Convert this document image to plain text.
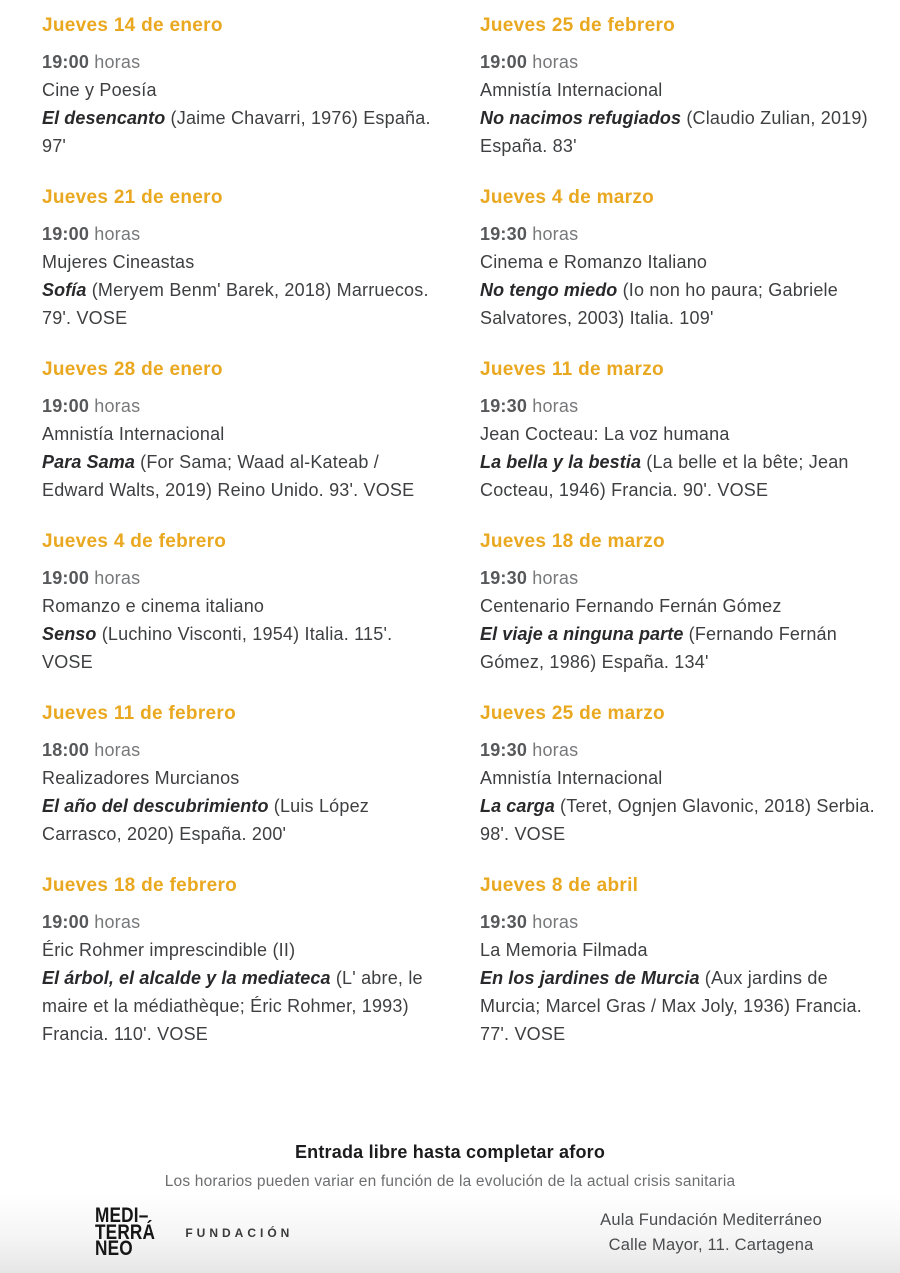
Jueves 14 de enero

19:00 horas

Cine y Poesía

El desencanto (Jaime Chavarri, 1976) España. 97'

Jueves 21 de enero

19:00 horas

Mujeres Cineastas

Sofía (Meryem Benm' Barek, 2018) Marruecos. 79'. VOSE

Jueves 28 de enero

19:00 horas

Amnistía Internacional

Para Sama (For Sama; Waad al-Kateab / Edward Walts, 2019) Reino Unido. 93'. VOSE

Jueves 4 de febrero

19:00 horas

Romanzo e cinema italiano

Senso (Luchino Visconti, 1954) Italia. 115'. VOSE

Jueves 11 de febrero

18:00 horas

Realizadores Murcianos

El año del descubrimiento (Luis López Carrasco, 2020) España. 200'

Jueves 18 de febrero

19:00 horas

Éric Rohmer imprescindible (II)

El árbol, el alcalde y la mediateca (L' abre, le maire et la médiathèque; Éric Rohmer, 1993) Francia. 110'. VOSE

Jueves 25 de febrero

19:00 horas

Amnistía Internacional

No nacimos refugiados (Claudio Zulian, 2019) España. 83'

Jueves 4 de marzo

19:30 horas

Cinema e Romanzo Italiano

No tengo miedo (Io non ho paura; Gabriele Salvatores, 2003) Italia. 109'

Jueves 11 de marzo

19:30 horas

Jean Cocteau: La voz humana

La bella y la bestia (La belle et la bête; Jean Cocteau, 1946) Francia. 90'. VOSE

Jueves 18 de marzo

19:30 horas

Centenario Fernando Fernán Gómez

El viaje a ninguna parte (Fernando Fernán Gómez, 1986) España. 134'

Jueves 25 de marzo

19:30 horas

Amnistía Internacional

La carga (Teret, Ognjen Glavonic, 2018) Serbia. 98'. VOSE

Jueves 8 de abril

19:30 horas

La Memoria Filmada

En los jardines de Murcia (Aux jardins de Murcia; Marcel Gras / Max Joly, 1936) Francia. 77'. VOSE

Entrada libre hasta completar aforo
Los horarios pueden variar en función de la evolución de la actual crisis sanitaria
MEDI–
TERRÁ
NEO
FUNDACIÓN
Aula Fundación Mediterráneo
Calle Mayor, 11. Cartagena
